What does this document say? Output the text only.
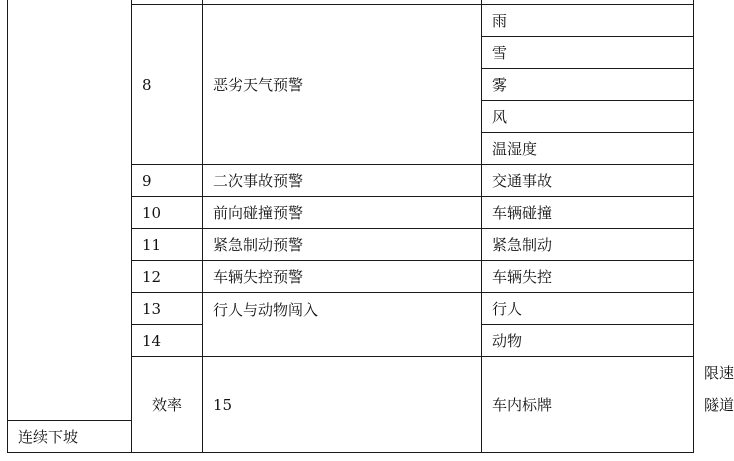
	8	恶劣天气预警	雨	
			雪	
			雾	
			风	
			温湿度	
	9	二次事故预警	交通事故	
	10	前向碰撞预警	车辆碰撞	
	11	紧急制动预警	紧急制动	
	12	车辆失控预警	车辆失控	
	13	行人与动物闯入	行人	
	14		动物	
	效率	15	车内标牌	限速
				隧道
连续下坡				
